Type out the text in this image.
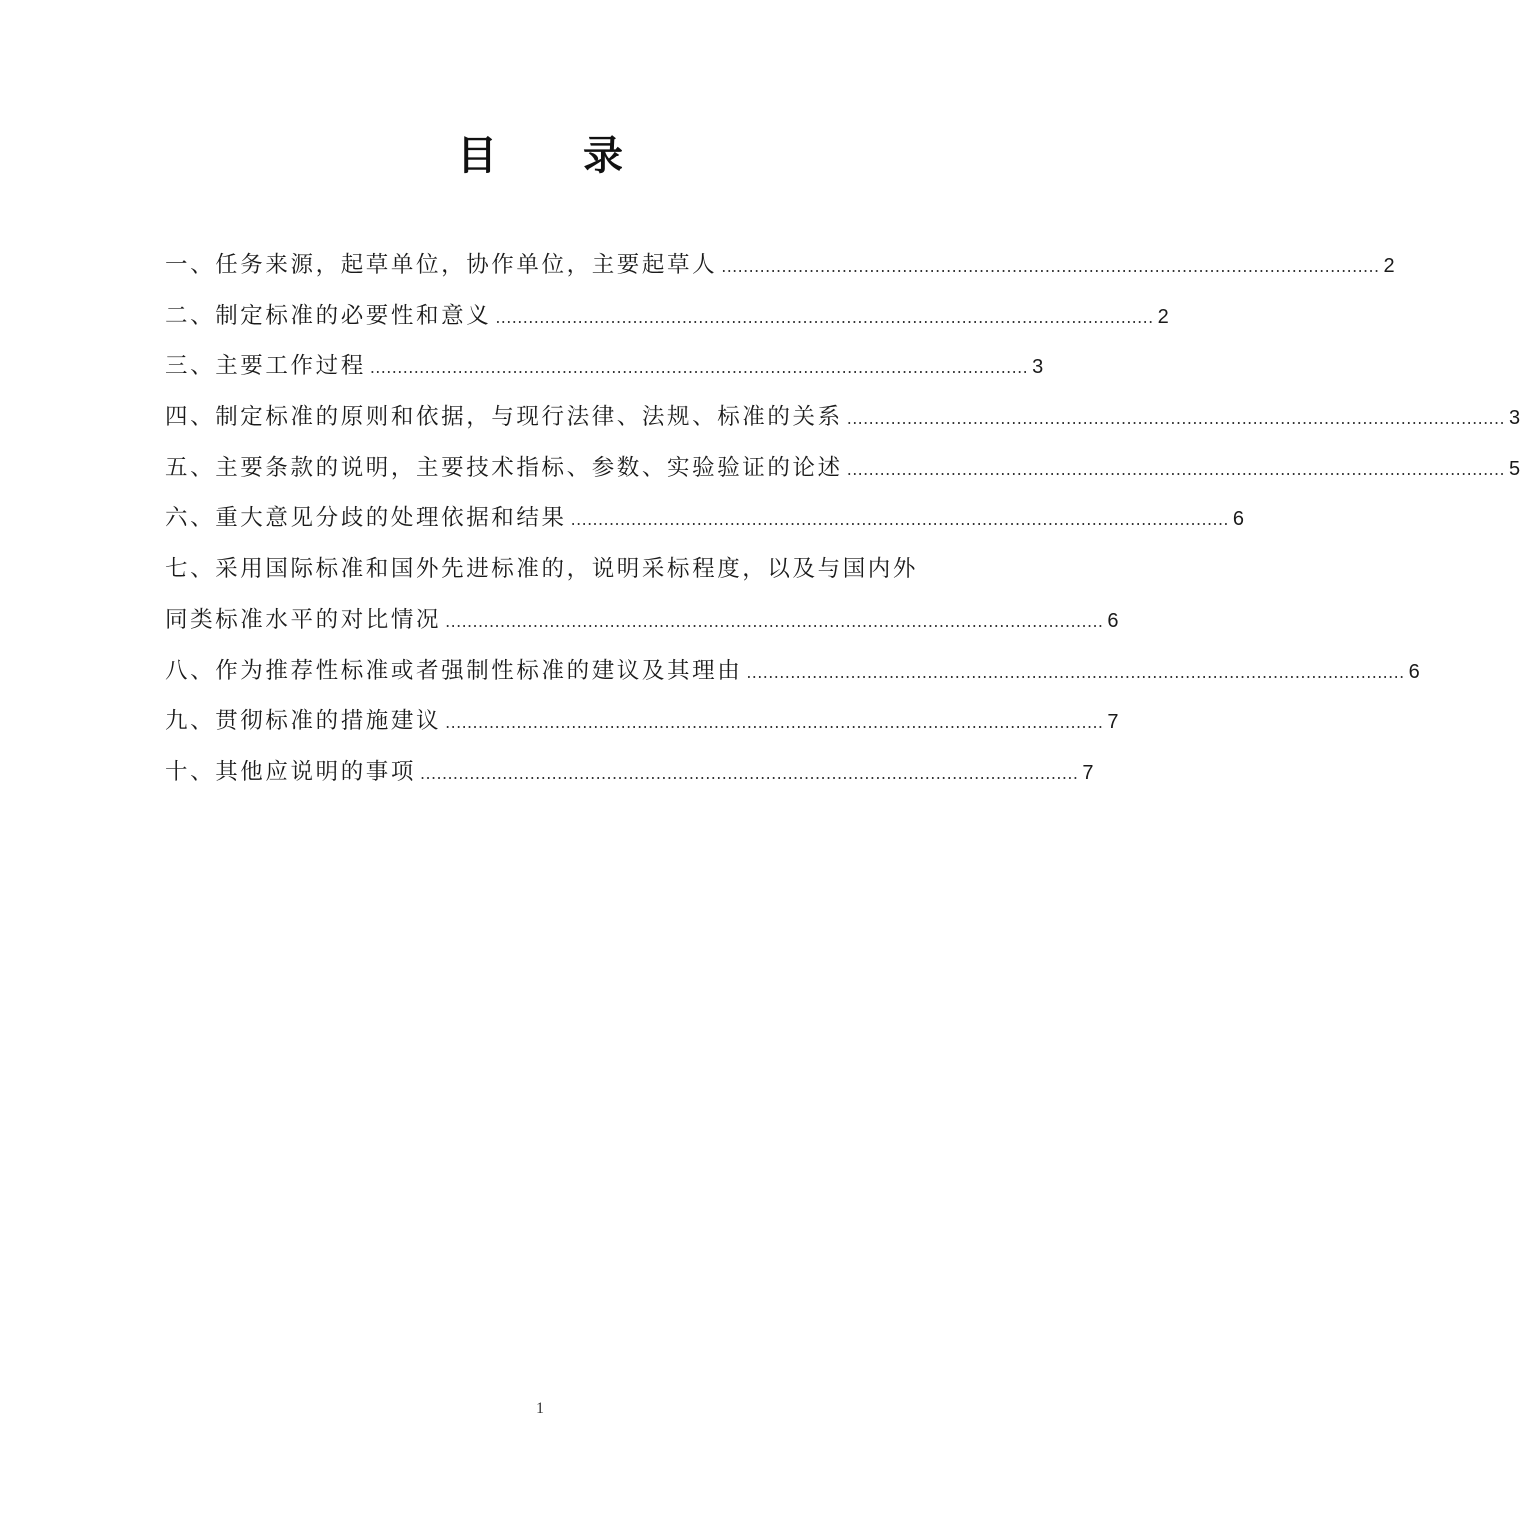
目 录
一、任务来源，起草单位，协作单位，主要起草人 ........................................................................................................................ 2
二、制定标准的必要性和意义 ........................................................................................................................ 2
三、主要工作过程 ........................................................................................................................ 3
四、制定标准的原则和依据，与现行法律、法规、标准的关系 ........................................................................................................................ 3
五、主要条款的说明，主要技术指标、参数、实验验证的论述 ........................................................................................................................ 5
六、重大意见分歧的处理依据和结果 ........................................................................................................................ 6
七、采用国际标准和国外先进标准的，说明采标程度，以及与国内外
同类标准水平的对比情况 ........................................................................................................................ 6
八、作为推荐性标准或者强制性标准的建议及其理由 ........................................................................................................................ 6
九、贯彻标准的措施建议 ........................................................................................................................ 7
十、其他应说明的事项 ........................................................................................................................ 7
1
